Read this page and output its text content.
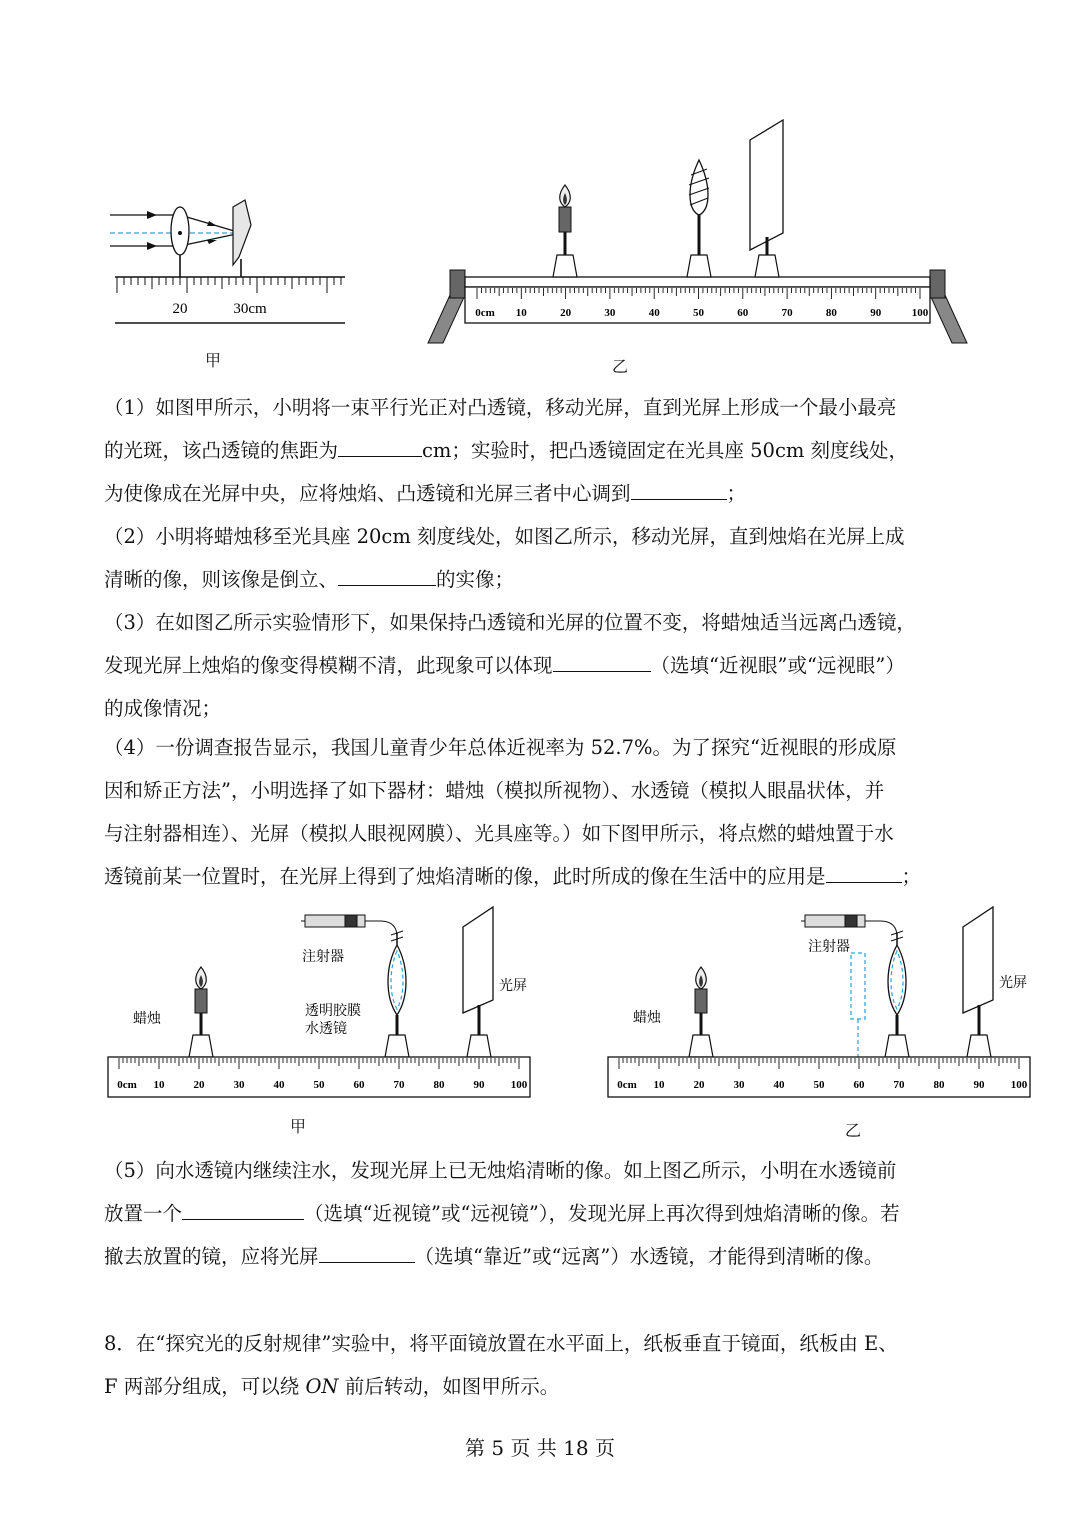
20	30cm
甲
0cm 10	20	30	40	50	60	70	80	90	100
乙
（1）如图甲所示，小明将一束平行光正对凸透镜，移动光屏，直到光屏上形成一个最小最亮
的光斑，该凸透镜的焦距为	cm；实验时，把凸透镜固定在光具座 50cm 刻度线处，
为使像成在光屏中央，应将烛焰、凸透镜和光屏三者中心调到	；
（2）小明将蜡烛移至光具座 20cm 刻度线处，如图乙所示，移动光屏，直到烛焰在光屏上成
清晰的像，则该像是倒立、	的实像；
（3）在如图乙所示实验情形下，如果保持凸透镜和光屏的位置不变，将蜡烛适当远离凸透镜，
发现光屏上烛焰的像变得模糊不清，此现象可以体现	（选填“近视眼”或“远视眼”）
的成像情况；
（4）一份调查报告显示，我国儿童青少年总体近视率为 52.7%。为了探究“近视眼的形成原
因和矫正方法”，小明选择了如下器材：蜡烛（模拟所视物）、水透镜（模拟人眼晶状体，并
与注射器相连）、光屏（模拟人眼视网膜）、光具座等。）如下图甲所示，将点燃的蜡烛置于水
透镜前某一位置时，在光屏上得到了烛焰清晰的像，此时所成的像在生活中的应用是	；
注射器
蜡烛
透明胶膜
水透镜
光屏
0cm 10	20	30	40	50	60	70	80	90 100
甲
注射器
蜡烛
光屏
0cm 10	20	30	40	50	60	70	80	90 100
乙
（5）向水透镜内继续注水，发现光屏上已无烛焰清晰的像。如上图乙所示，小明在水透镜前
放置一个	（选填“近视镜”或“远视镜”），发现光屏上再次得到烛焰清晰的像。若
撤去放置的镜，应将光屏	（选填“靠近”或“远离”）水透镜，才能得到清晰的像。
8．在“探究光的反射规律”实验中，将平面镜放置在水平面上，纸板垂直于镜面，纸板由 E、
F 两部分组成，可以绕 ON 前后转动，如图甲所示。
第 5 页 共 18 页
